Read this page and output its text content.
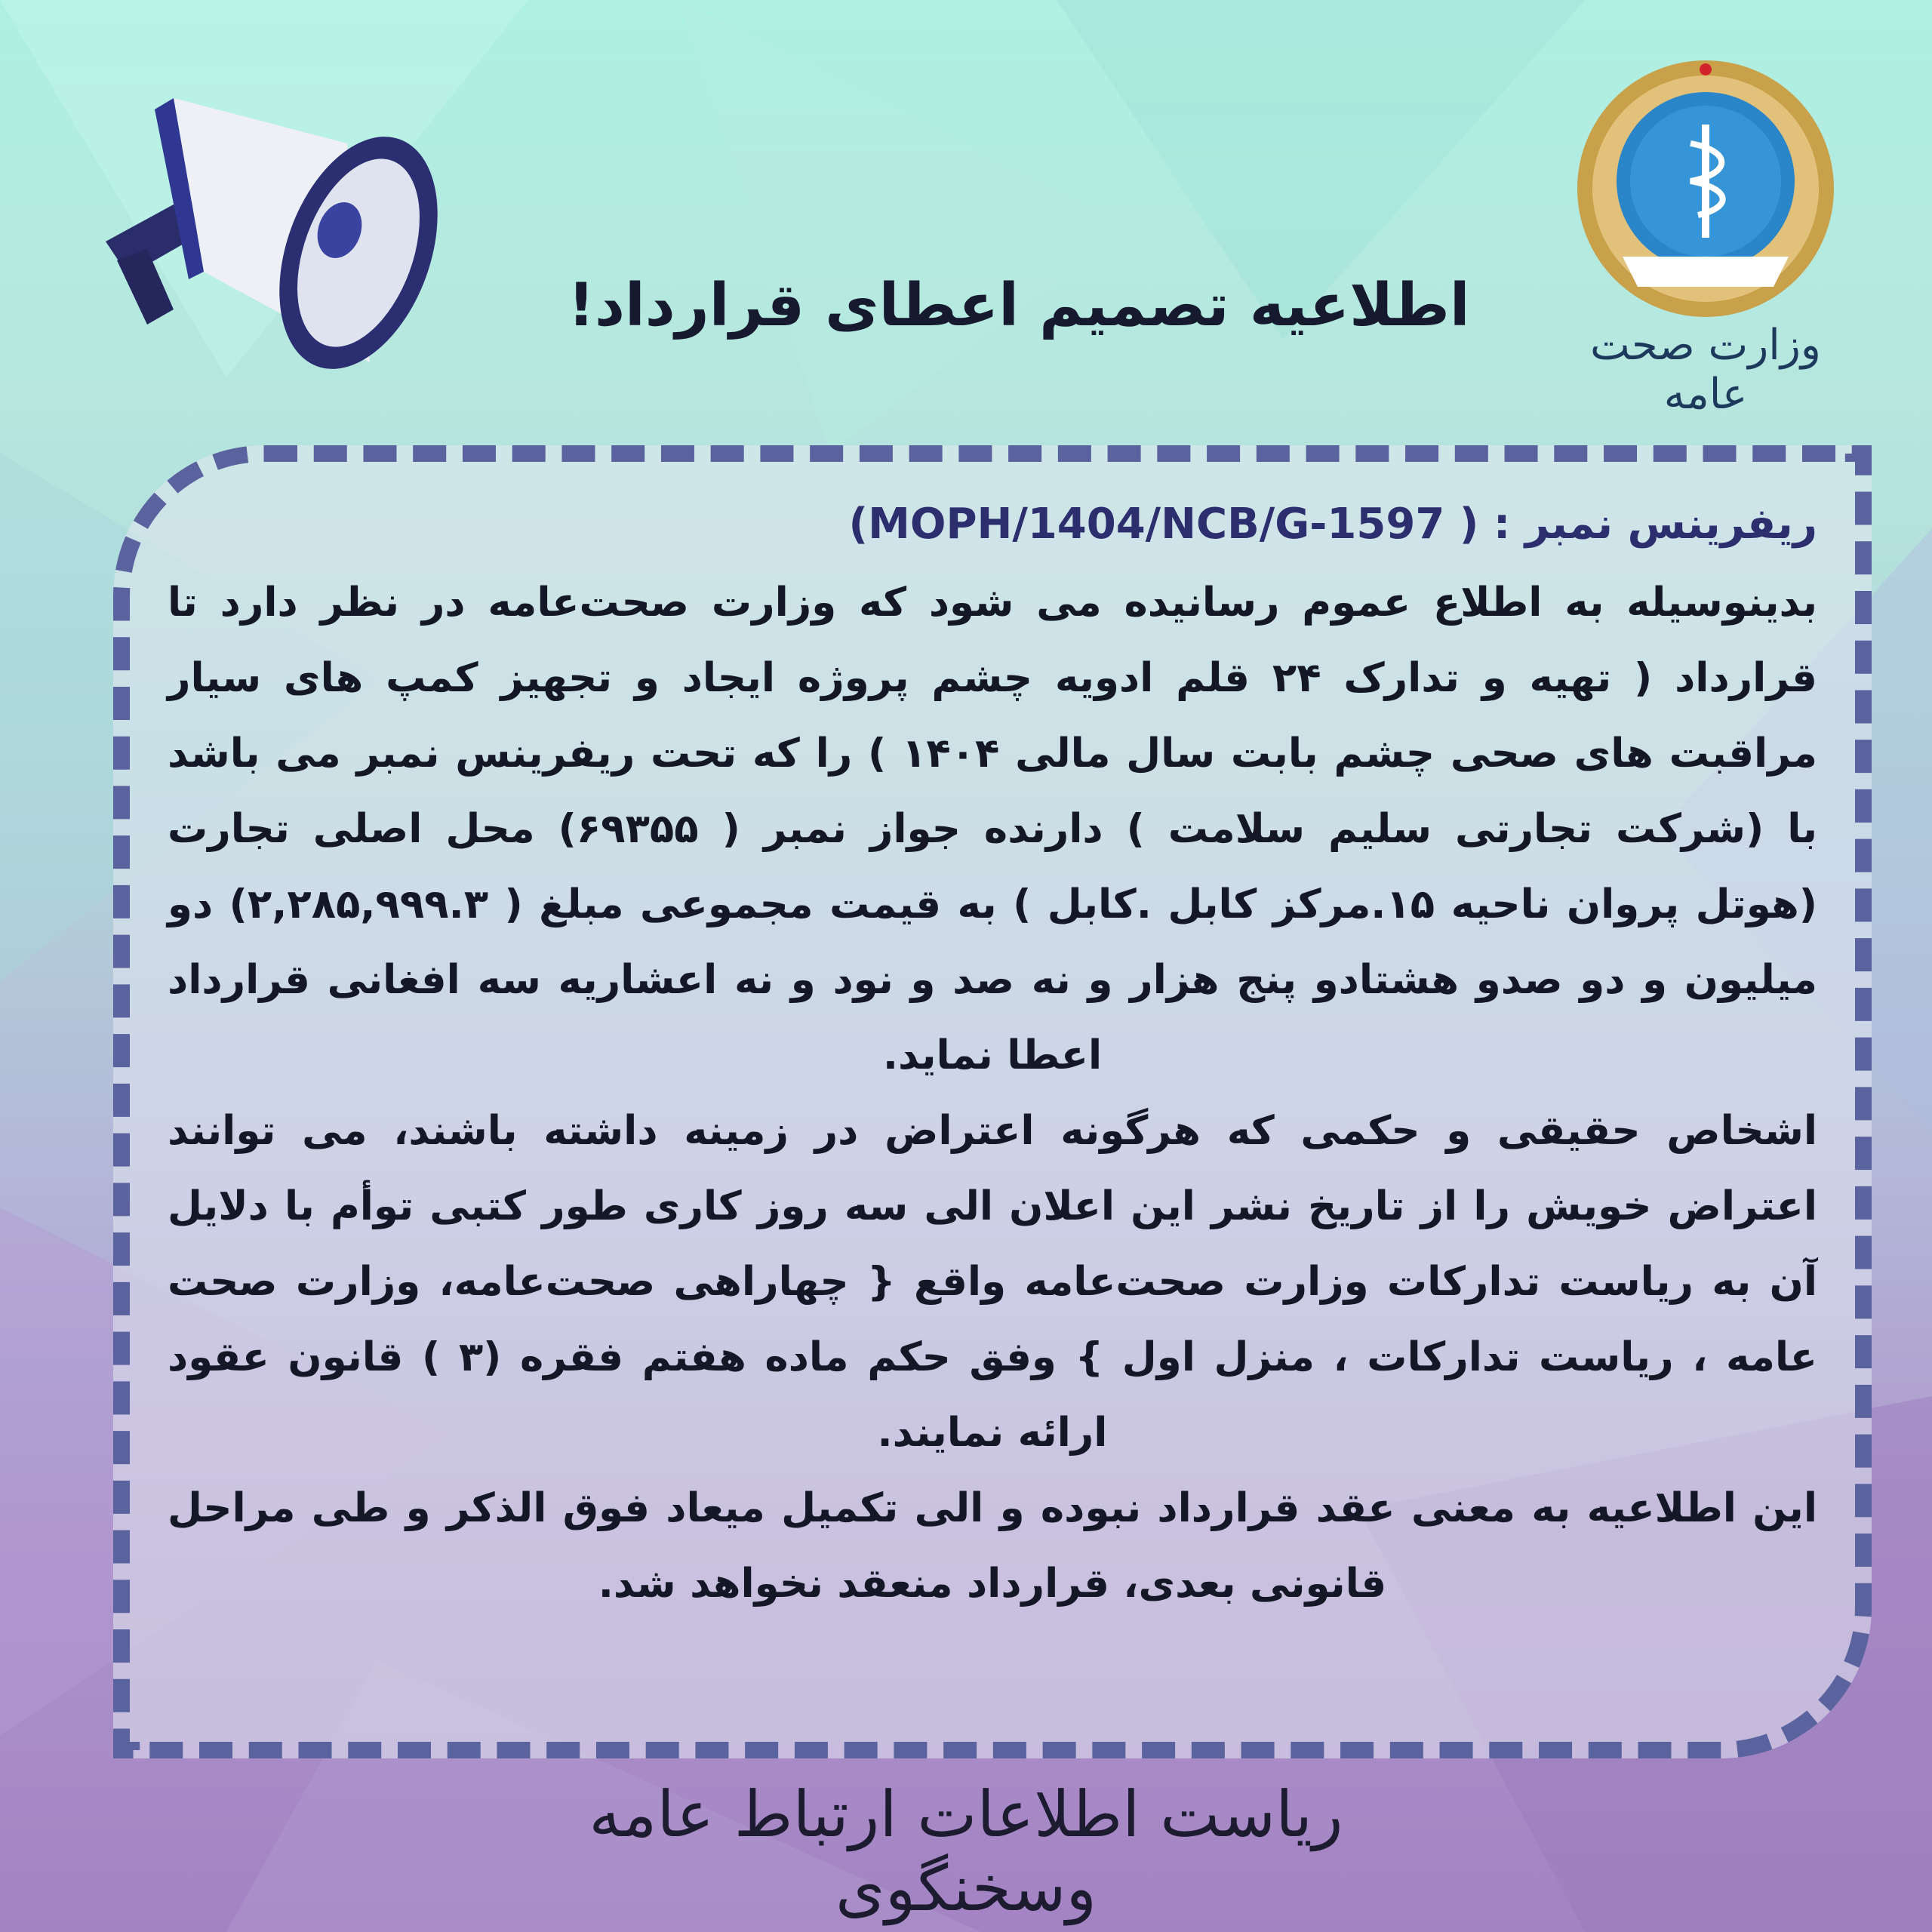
وزارت صحت عامه
اطلاعیه تصمیم اعطای قرارداد!
ریفرینس نمبر : (MOPH/1404/NCB/G-1597 )

بدینوسیله به اطلاع عموم رسانیده می شود که وزارت صحت‌عامه در نظر دارد تا قرارداد ( تهیه و تدارک ۲۴ قلم ادویه چشم پروژه ایجاد و تجهیز کمپ های سیار مراقبت های صحی چشم بابت سال مالی ۱۴۰۴ ) را که تحت ریفرینس نمبر می باشد با (شرکت تجارتی سلیم سلامت ) دارنده جواز نمبر ( ۶۹۳۵۵) محل اصلی تجارت (هوتل پروان ناحیه ۱۵.مرکز کابل .کابل ) به قیمت مجموعی مبلغ ( ۲,۲۸۵,۹۹۹.۳) دو میلیون و دو صدو هشتادو پنج هزار و نه صد و نود و نه اعشاریه سه افغانی قرارداد اعطا نماید.

اشخاص حقیقی و حکمی که هرگونه اعتراض در زمینه داشته باشند، می توانند اعتراض خویش را از تاریخ نشر این اعلان الی سه روز کاری طور کتبی توأم با دلایل آن به ریاست تدارکات وزارت صحت‌عامه واقع { چهاراهی صحت‌عامه، وزارت صحت عامه ، ریاست تدارکات ، منزل اول } وفق حکم ماده هفتم فقره (۳ ) قانون عقود ارائه نمایند.

این اطلاعیه به معنی عقد قرارداد نبوده و الی تکمیل میعاد فوق الذکر و طی مراحل قانونی بعدی، قرارداد منعقد نخواهد شد.

ریاست اطلاعات ارتباط عامه وسخنگوی
